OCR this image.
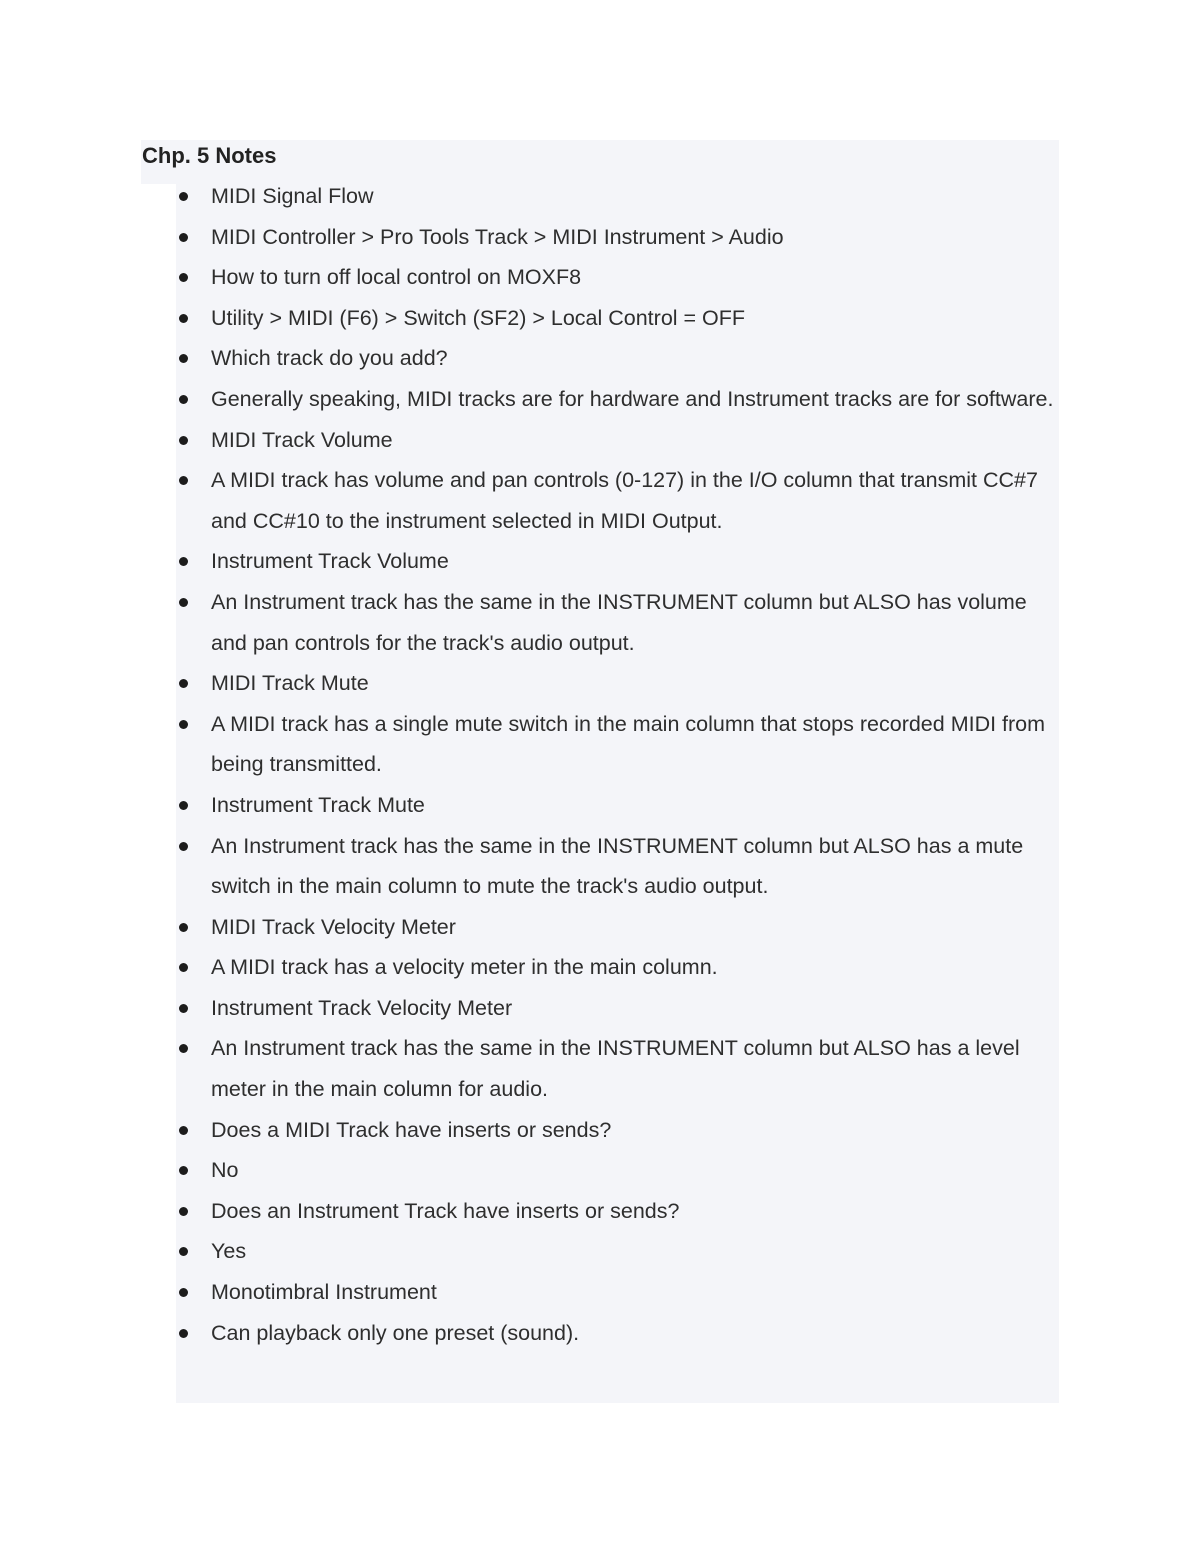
Chp. 5 Notes
MIDI Signal Flow
MIDI Controller > Pro Tools Track > MIDI Instrument > Audio
How to turn off local control on MOXF8
Utility > MIDI (F6) > Switch (SF2) > Local Control = OFF
Which track do you add?
Generally speaking, MIDI tracks are for hardware and Instrument tracks are for software.
MIDI Track Volume
A MIDI track has volume and pan controls (0-127) in the I/O column that transmit CC#7 and CC#10 to the instrument selected in MIDI Output.
Instrument Track Volume
An Instrument track has the same in the INSTRUMENT column but ALSO has volume and pan controls for the track's audio output.
MIDI Track Mute
A MIDI track has a single mute switch in the main column that stops recorded MIDI from being transmitted.
Instrument Track Mute
An Instrument track has the same in the INSTRUMENT column but ALSO has a mute switch in the main column to mute the track's audio output.
MIDI Track Velocity Meter
A MIDI track has a velocity meter in the main column.
Instrument Track Velocity Meter
An Instrument track has the same in the INSTRUMENT column but ALSO has a level meter in the main column for audio.
Does a MIDI Track have inserts or sends?
No
Does an Instrument Track have inserts or sends?
Yes
Monotimbral Instrument
Can playback only one preset (sound).
